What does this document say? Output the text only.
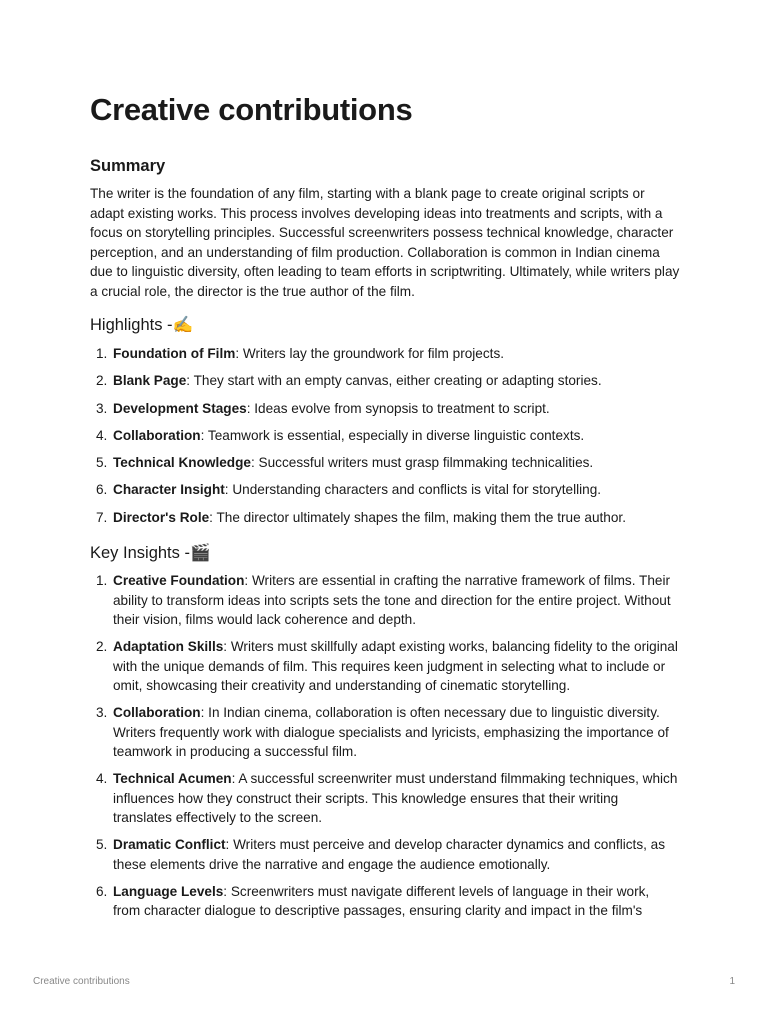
Creative contributions
Summary

The writer is the foundation of any film, starting with a blank page to create original scripts or adapt existing works. This process involves developing ideas into treatments and scripts, with a focus on storytelling principles. Successful screenwriters possess technical knowledge, character perception, and an understanding of film production. Collaboration is common in Indian cinema due to linguistic diversity, often leading to team efforts in scriptwriting. Ultimately, while writers play a crucial role, the director is the true author of the film.

Highlights -✍️
1. Foundation of Film: Writers lay the groundwork for film projects.
2. Blank Page: They start with an empty canvas, either creating or adapting stories.
3. Development Stages: Ideas evolve from synopsis to treatment to script.
4. Collaboration: Teamwork is essential, especially in diverse linguistic contexts.
5. Technical Knowledge: Successful writers must grasp filmmaking technicalities.
6. Character Insight: Understanding characters and conflicts is vital for storytelling.
7. Director's Role: The director ultimately shapes the film, making them the true author.
Key Insights -🎬
1. Creative Foundation: Writers are essential in crafting the narrative framework of films. Their ability to transform ideas into scripts sets the tone and direction for the entire project. Without their vision, films would lack coherence and depth.
2. Adaptation Skills: Writers must skillfully adapt existing works, balancing fidelity to the original with the unique demands of film. This requires keen judgment in selecting what to include or omit, showcasing their creativity and understanding of cinematic storytelling.
3. Collaboration: In Indian cinema, collaboration is often necessary due to linguistic diversity. Writers frequently work with dialogue specialists and lyricists, emphasizing the importance of teamwork in producing a successful film.
4. Technical Acumen: A successful screenwriter must understand filmmaking techniques, which influences how they construct their scripts. This knowledge ensures that their writing translates effectively to the screen.
5. Dramatic Conflict: Writers must perceive and develop character dynamics and conflicts, as these elements drive the narrative and engage the audience emotionally.
6. Language Levels: Screenwriters must navigate different levels of language in their work, from character dialogue to descriptive passages, ensuring clarity and impact in the film's
Creative contributions	1
